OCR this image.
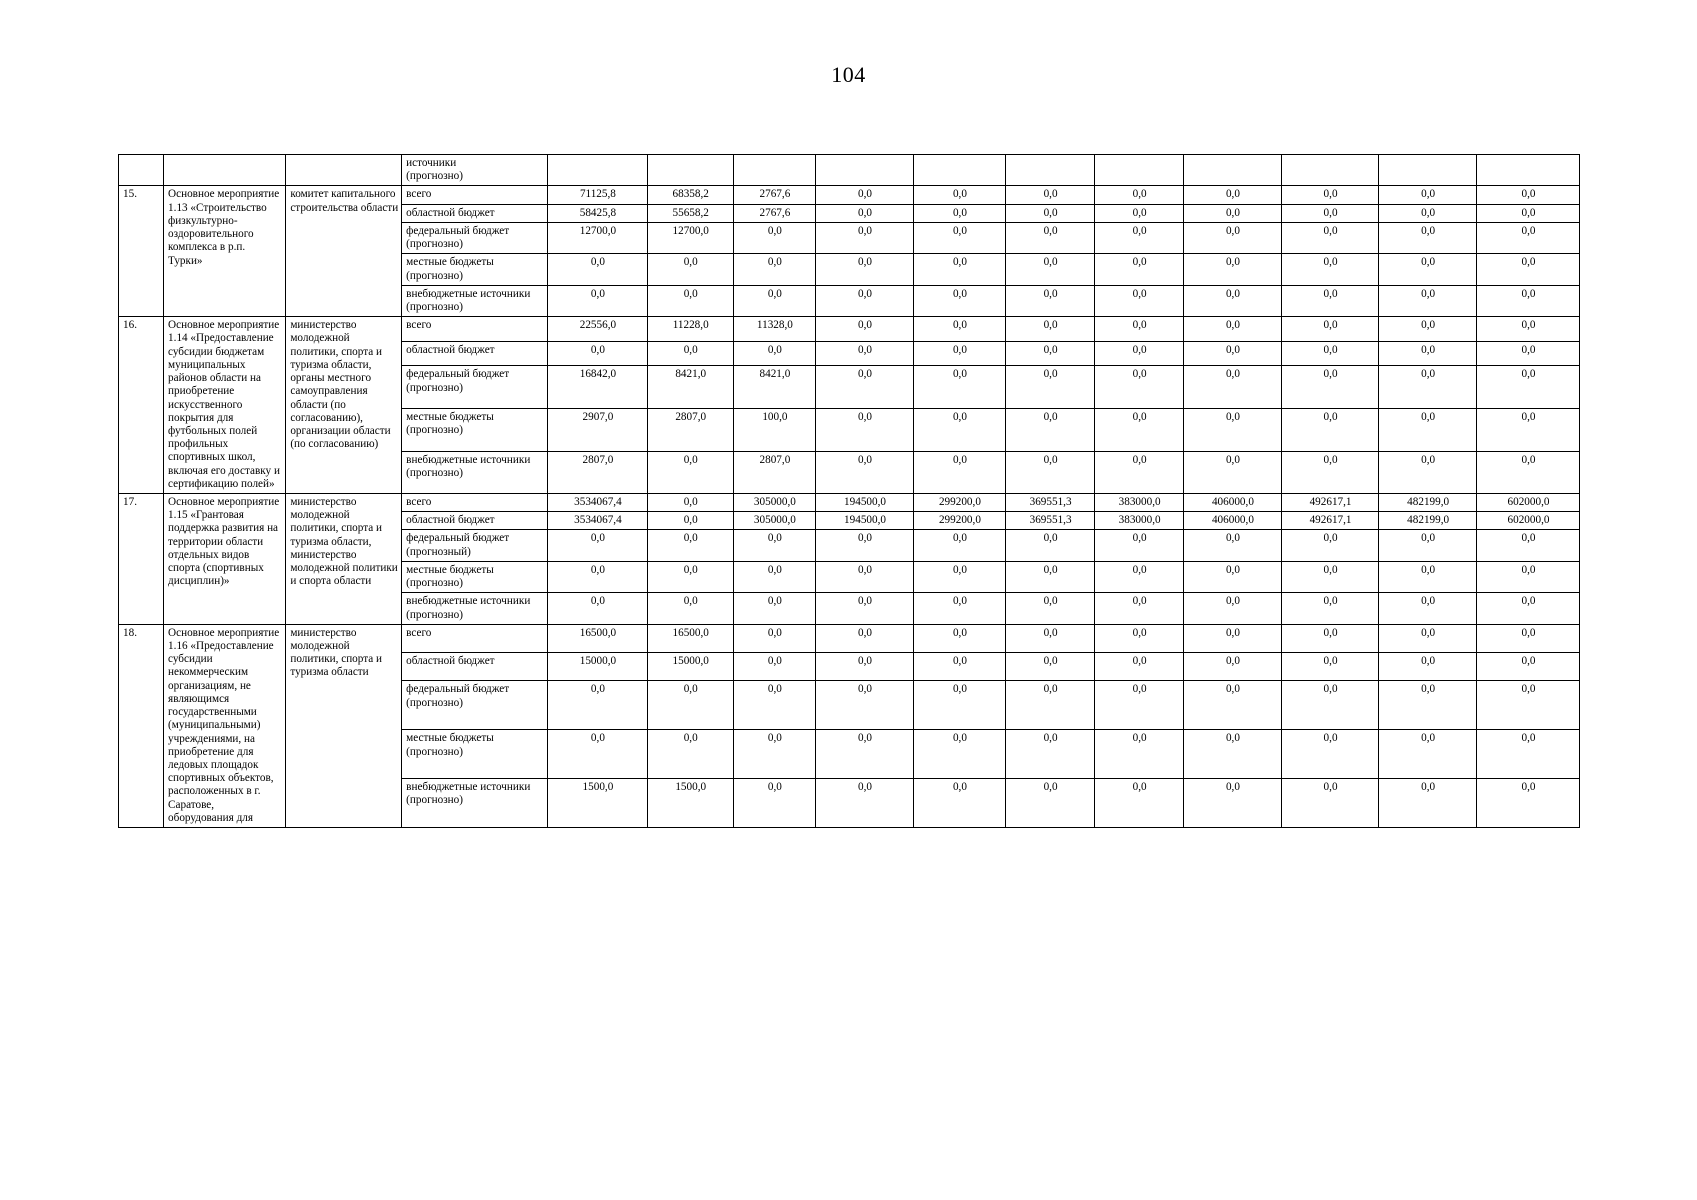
104

			источники
(прогнозно)											

15.	Основное мероприятие 1.13 «Строительство физкультурно-оздоровительного комплекса в р.п. Турки»	комитет капитального строительства области	всего	71125,8	68358,2	2767,6	0,0	0,0	0,0	0,0	0,0	0,0	0,0	0,0
			областной бюджет	58425,8	55658,2	2767,6	0,0	0,0	0,0	0,0	0,0	0,0	0,0	0,0
			федеральный бюджет (прогнозно)	12700,0	12700,0	0,0	0,0	0,0	0,0	0,0	0,0	0,0	0,0	0,0
			местные бюджеты (прогнозно)	0,0	0,0	0,0	0,0	0,0	0,0	0,0	0,0	0,0	0,0	0,0
			внебюджетные источники (прогнозно)	0,0	0,0	0,0	0,0	0,0	0,0	0,0	0,0	0,0	0,0	0,0
16.	Основное мероприятие 1.14 «Предоставление субсидии бюджетам муниципальных районов области на приобретение искусственного покрытия для футбольных полей профильных спортивных школ, включая его доставку и сертификацию полей»	министерство молодежной политики, спорта и туризма области, органы местного самоуправления области (по согласованию), организации области (по согласованию)	всего	22556,0	11228,0	11328,0	0,0	0,0	0,0	0,0	0,0	0,0	0,0	0,0
			областной бюджет	0,0	0,0	0,0	0,0	0,0	0,0	0,0	0,0	0,0	0,0	0,0
			федеральный бюджет (прогнозно)	16842,0	8421,0	8421,0	0,0	0,0	0,0	0,0	0,0	0,0	0,0	0,0
			местные бюджеты (прогнозно)	2907,0	2807,0	100,0	0,0	0,0	0,0	0,0	0,0	0,0	0,0	0,0
			внебюджетные источники (прогнозно)	2807,0	0,0	2807,0	0,0	0,0	0,0	0,0	0,0	0,0	0,0	0,0
17.	Основное мероприятие 1.15 «Грантовая поддержка развития на территории области отдельных видов спорта (спортивных дисциплин)»	министерство молодежной политики, спорта и туризма области, министерство молодежной политики и спорта области	всего	3534067,4	0,0	305000,0	194500,0	299200,0	369551,3	383000,0	406000,0	492617,1	482199,0	602000,0
			областной бюджет	3534067,4	0,0	305000,0	194500,0	299200,0	369551,3	383000,0	406000,0	492617,1	482199,0	602000,0
			федеральный бюджет (прогнозный)	0,0	0,0	0,0	0,0	0,0	0,0	0,0	0,0	0,0	0,0	0,0
			местные бюджеты (прогнозно)	0,0	0,0	0,0	0,0	0,0	0,0	0,0	0,0	0,0	0,0	0,0
			внебюджетные источники (прогнозно)	0,0	0,0	0,0	0,0	0,0	0,0	0,0	0,0	0,0	0,0	0,0
18.	Основное мероприятие 1.16 «Предоставление субсидии некоммерческим организациям, не являющимся государственными (муниципальными) учреждениями, на приобретение для ледовых площадок спортивных объектов, расположенных в г. Саратове, оборудования для	министерство молодежной политики, спорта и туризма области	всего	16500,0	16500,0	0,0	0,0	0,0	0,0	0,0	0,0	0,0	0,0	0,0
			областной бюджет	15000,0	15000,0	0,0	0,0	0,0	0,0	0,0	0,0	0,0	0,0	0,0
			федеральный бюджет (прогнозно)	0,0	0,0	0,0	0,0	0,0	0,0	0,0	0,0	0,0	0,0	0,0
			местные бюджеты (прогнозно)	0,0	0,0	0,0	0,0	0,0	0,0	0,0	0,0	0,0	0,0	0,0
			внебюджетные источники (прогнозно)	1500,0	1500,0	0,0	0,0	0,0	0,0	0,0	0,0	0,0	0,0	0,0
